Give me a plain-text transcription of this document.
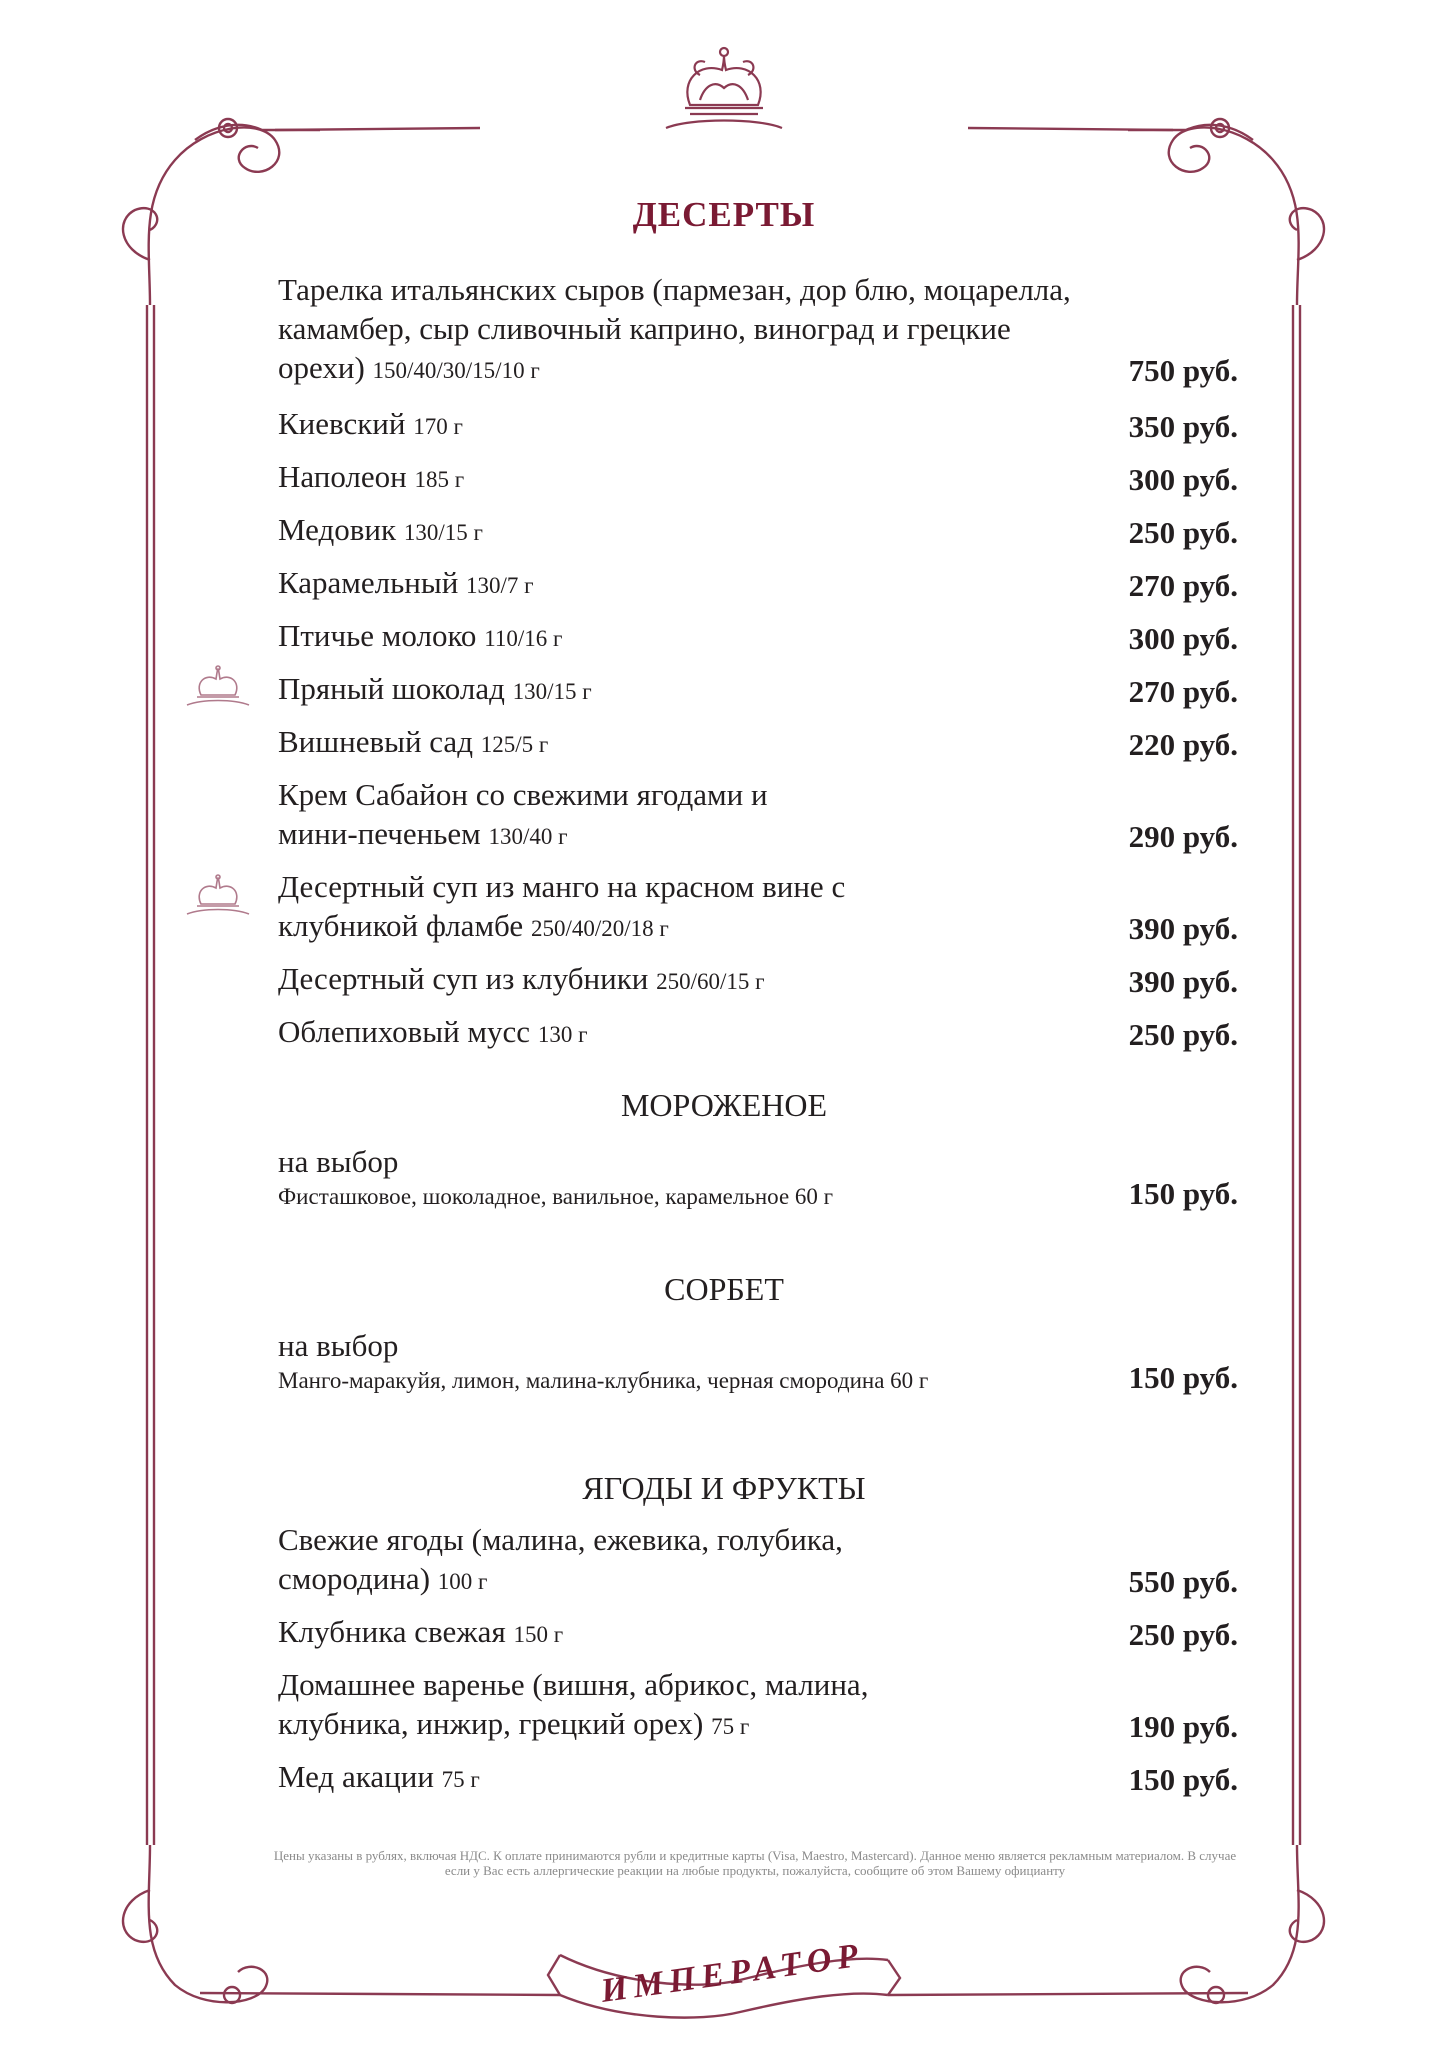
ИМПЕРАТОР
ДЕСЕРТЫ
Тарелка итальянских сыров (пармезан, дор блю, моцарелла, камамбер, сыр сливочный каприно, виноград и грецкие орехи) 150/40/30/15/10 г	750 руб.
Киевский 170 г	350 руб.
Наполеон 185 г	300 руб.
Медовик 130/15 г	250 руб.
Карамельный 130/7 г	270 руб.
Птичье молоко 110/16 г	300 руб.
Пряный шоколад 130/15 г	270 руб.
Вишневый сад 125/5 г	220 руб.
Крем Сабайон со свежими ягодами и мини-печеньем 130/40 г	290 руб.
Десертный суп из манго на красном вине с клубникой фламбе 250/40/20/18 г	390 руб.
Десертный суп из клубники 250/60/15 г	390 руб.
Облепиховый мусс 130 г	250 руб.
МОРОЖЕНОЕ
на выбор
Фисташковое, шоколадное, ванильное, карамельное 60 г	150 руб.
СОРБЕТ
на выбор
Манго-маракуйя, лимон, малина-клубника, черная смородина 60 г	150 руб.
ЯГОДЫ И ФРУКТЫ
Свежие ягоды (малина, ежевика, голубика, смородина) 100 г	550 руб.
Клубника свежая 150 г	250 руб.
Домашнее варенье (вишня, абрикос, малина, клубника, инжир, грецкий орех) 75 г	190 руб.
Мед акации 75 г	150 руб.
Цены указаны в рублях, включая НДС. К оплате принимаются рубли и кредитные карты (Visa, Maestro, Mastercard). Данное меню является рекламным материалом. В случае если у Вас есть аллергические реакции на любые продукты, пожалуйста, сообщите об этом Вашему официанту
